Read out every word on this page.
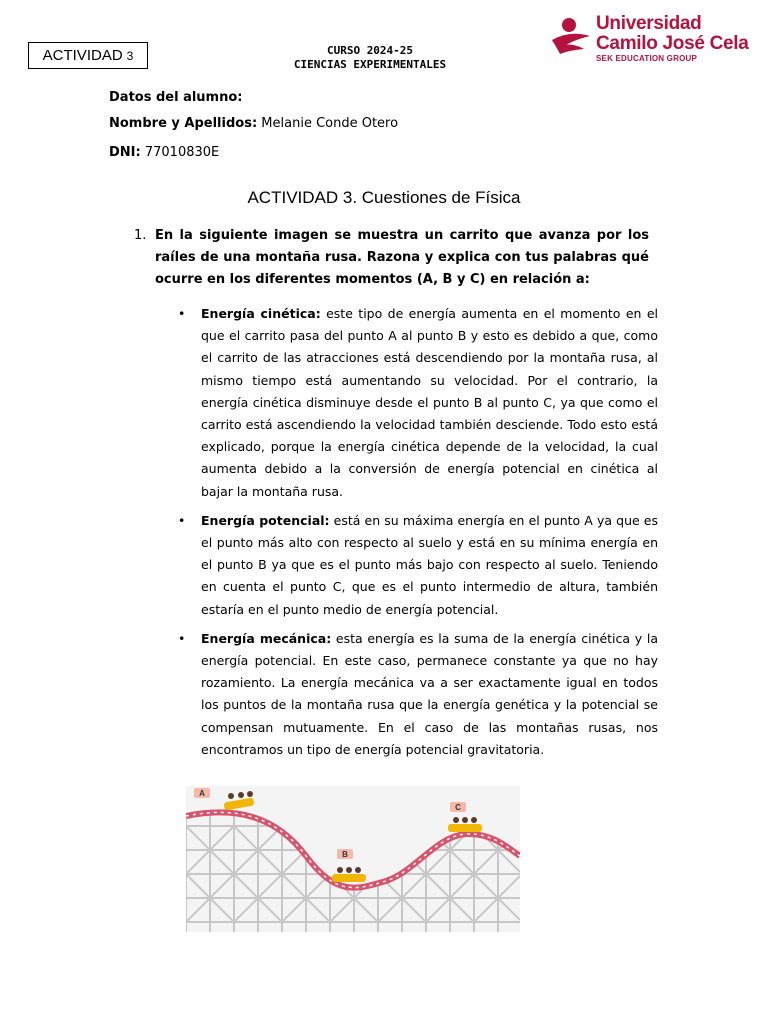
ACTIVIDAD 3	CURSO 2024-25
CIENCIAS EXPERIMENTALES
Universidad
Camilo José Cela
SEK EDUCATION GROUP
Datos del alumno:
Nombre y Apellidos: Melanie Conde Otero
DNI: 77010830E
ACTIVIDAD 3. Cuestiones de Física
1. En la siguiente imagen se muestra un carrito que avanza por los raíles de una montaña rusa. Razona y explica con tus palabras qué ocurre en los diferentes momentos (A, B y C) en relación a:
• Energía cinética: este tipo de energía aumenta en el momento en el que el carrito pasa del punto A al punto B y esto es debido a que, como el carrito de las atracciones está descendiendo por la montaña rusa, al mismo tiempo está aumentando su velocidad. Por el contrario, la energía cinética disminuye desde el punto B al punto C, ya que como el carrito está ascendiendo la velocidad también desciende. Todo esto está explicado, porque la energía cinética depende de la velocidad, la cual aumenta debido a la conversión de energía potencial en cinética al bajar la montaña rusa.
• Energía potencial: está en su máxima energía en el punto A ya que es el punto más alto con respecto al suelo y está en su mínima energía en el punto B ya que es el punto más bajo con respecto al suelo. Teniendo en cuenta el punto C, que es el punto intermedio de altura, también estaría en el punto medio de energía potencial.
• Energía mecánica: esta energía es la suma de la energía cinética y la energía potencial. En este caso, permanece constante ya que no hay rozamiento. La energía mecánica va a ser exactamente igual en todos los puntos de la montaña rusa que la energía genética y la potencial se compensan mutuamente. En el caso de las montañas rusas, nos encontramos un tipo de energía potencial gravitatoria.
A
B
C
